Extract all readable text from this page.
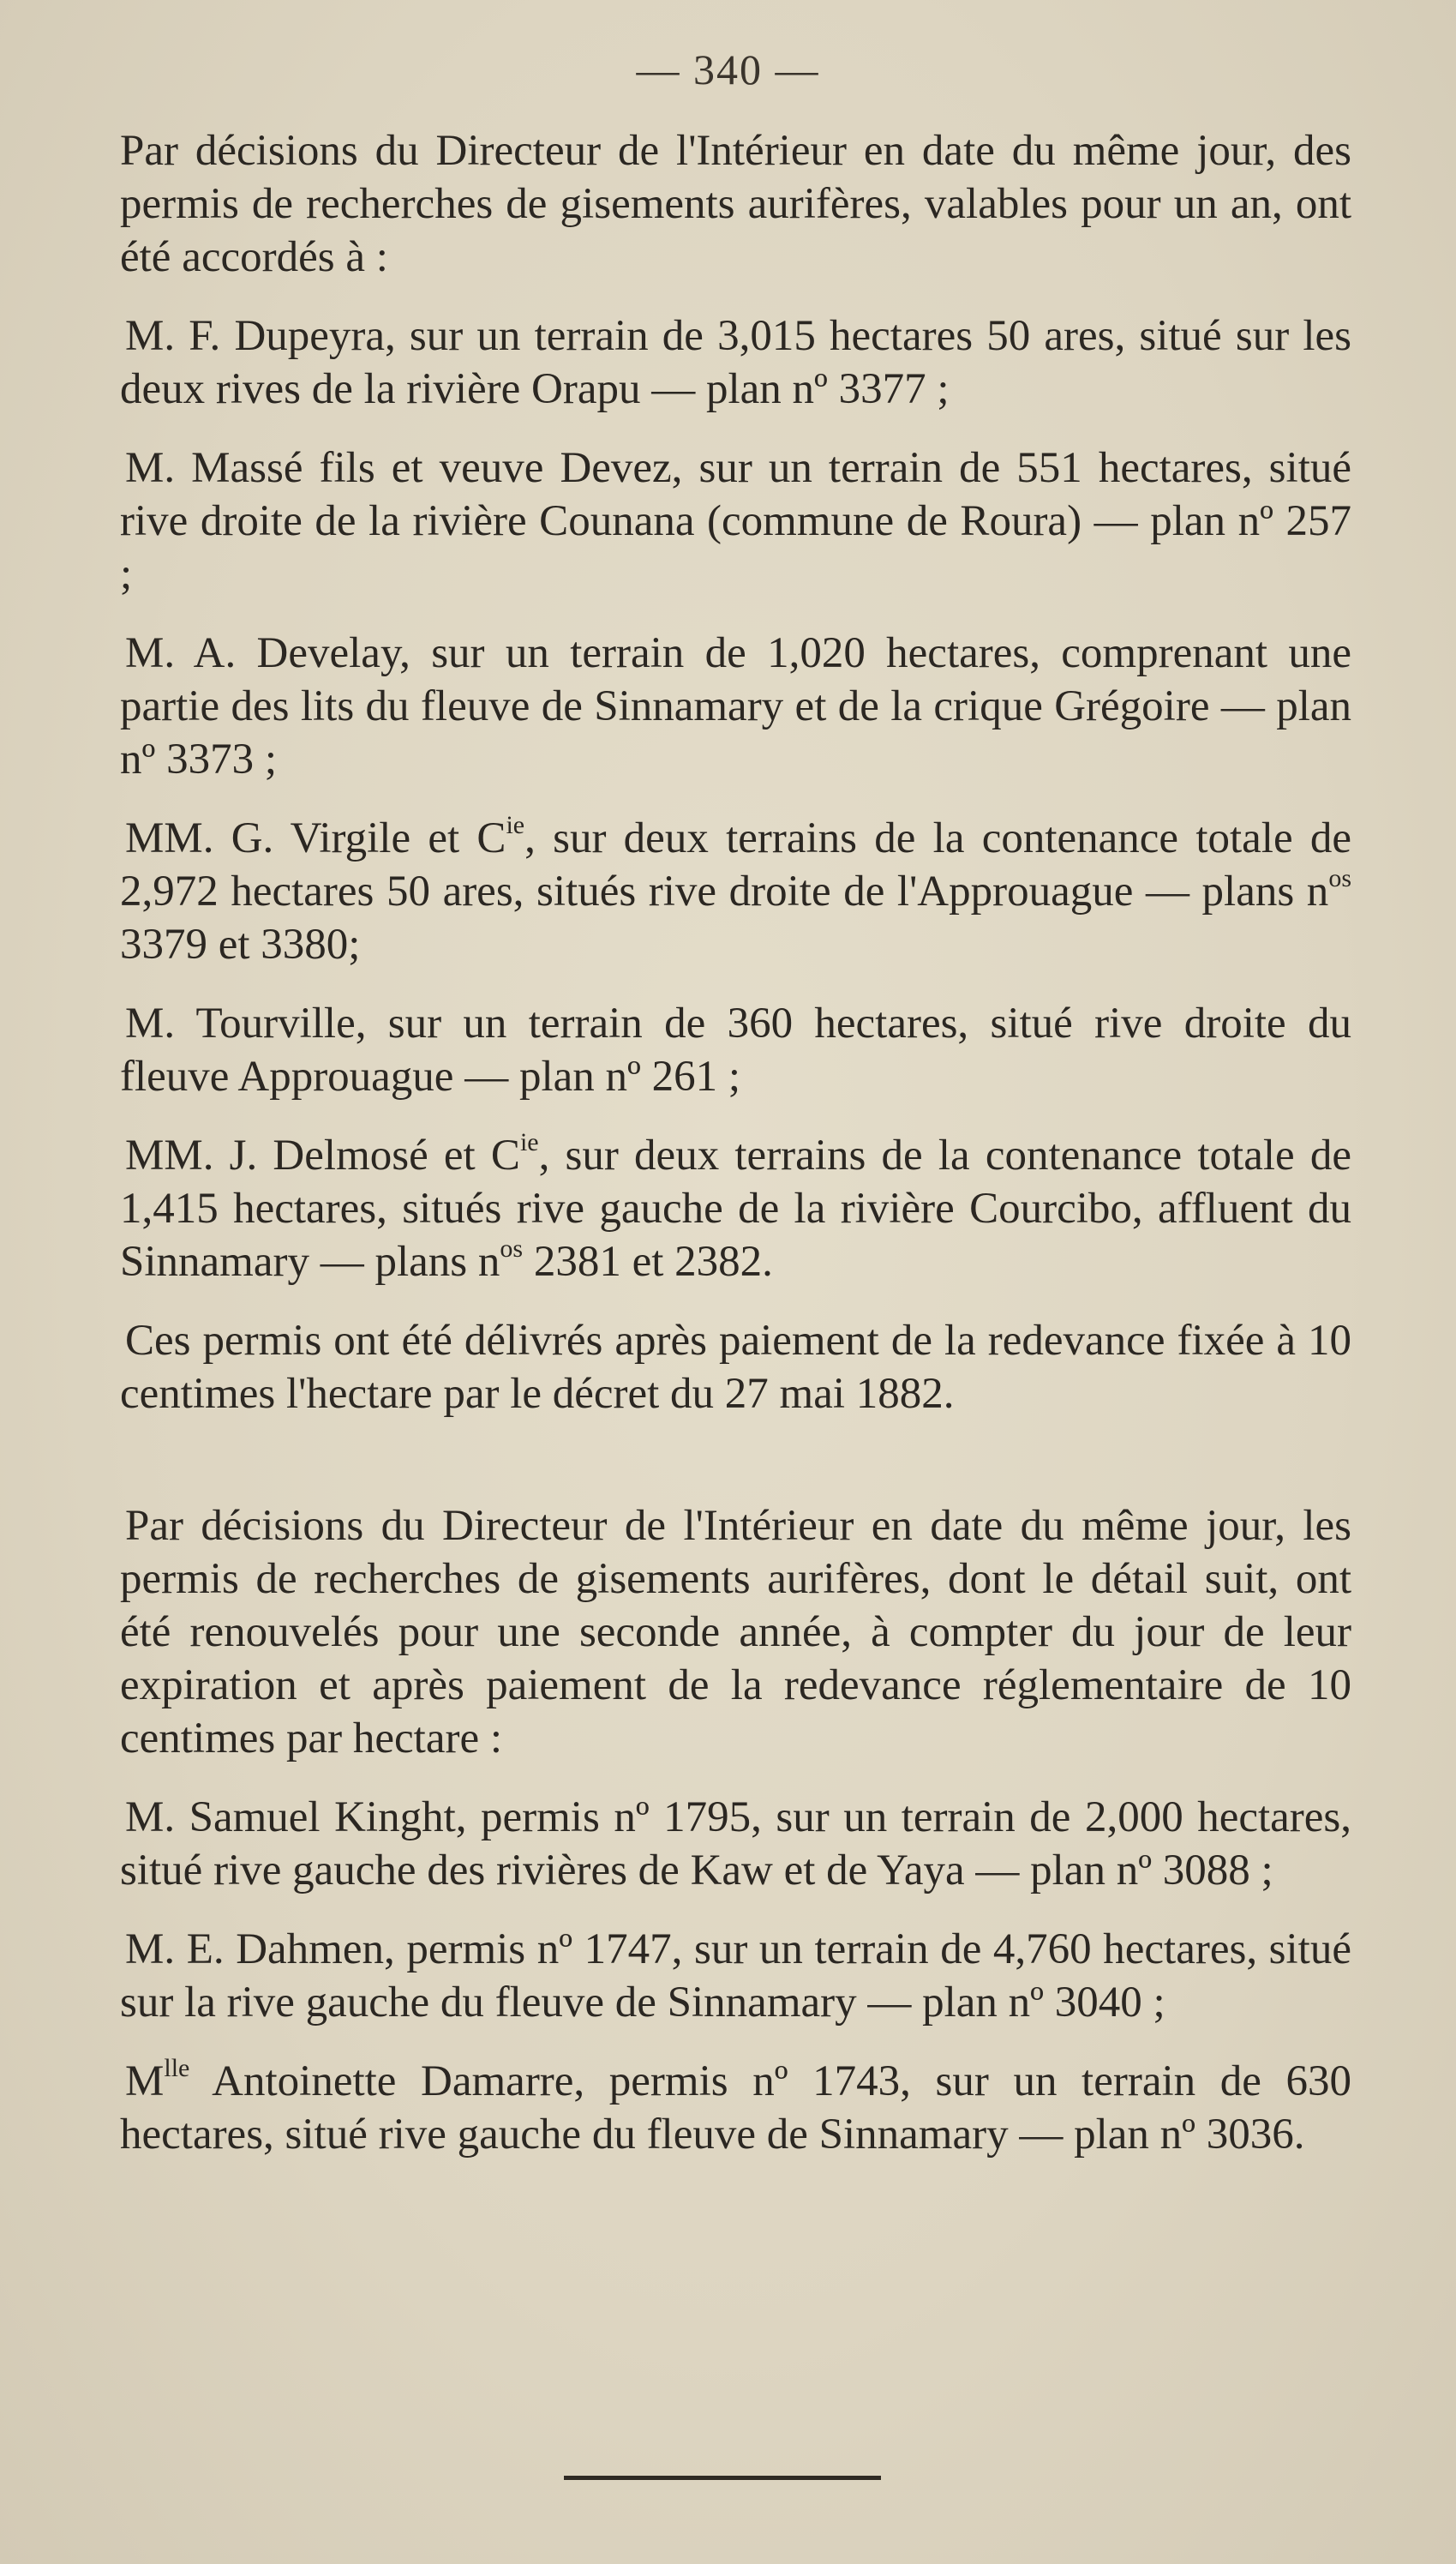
— 340 —

Par décisions du Directeur de l'Intérieur en date du même jour, des permis de recherches de gisements aurifères, valables pour un an, ont été accordés à :

M. F. Dupeyra, sur un terrain de 3,015 hectares 50 ares, situé sur les deux rives de la rivière Orapu — plan nº 3377 ;

M. Massé fils et veuve Devez, sur un terrain de 551 hectares, situé rive droite de la rivière Counana (commune de Roura) — plan nº 257 ;

M. A. Develay, sur un terrain de 1,020 hectares, comprenant une partie des lits du fleuve de Sinnamary et de la crique Grégoire — plan nº 3373 ;

MM. G. Virgile et $C^{ie}$, sur deux terrains de la contenance totale de 2,972 hectares 50 ares, situés rive droite de l'Approuague — plans $n^{os}$ 3379 et 3380;

M. Tourville, sur un terrain de 360 hectares, situé rive droite du fleuve Approuague — plan nº 261 ;

MM. J. Delmosé et $C^{ie}$, sur deux terrains de la contenance totale de 1,415 hectares, situés rive gauche de la rivière Courcibo, affluent du Sinnamary — plans $n^{os}$ 2381 et 2382.

Ces permis ont été délivrés après paiement de la redevance fixée à 10 centimes l'hectare par le décret du 27 mai 1882.

Par décisions du Directeur de l'Intérieur en date du même jour, les permis de recherches de gisements aurifères, dont le détail suit, ont été renouvelés pour une seconde année, à compter du jour de leur expiration et après paiement de la redevance réglementaire de 10 centimes par hectare :

M. Samuel Kinght, permis nº 1795, sur un terrain de 2,000 hectares, situé rive gauche des rivières de Kaw et de Yaya — plan nº 3088 ;

M. E. Dahmen, permis nº 1747, sur un terrain de 4,760 hectares, situé sur la rive gauche du fleuve de Sinnamary — plan nº 3040 ;

$M^{lle}$ Antoinette Damarre, permis nº 1743, sur un terrain de 630 hectares, situé rive gauche du fleuve de Sinnamary — plan nº 3036.
